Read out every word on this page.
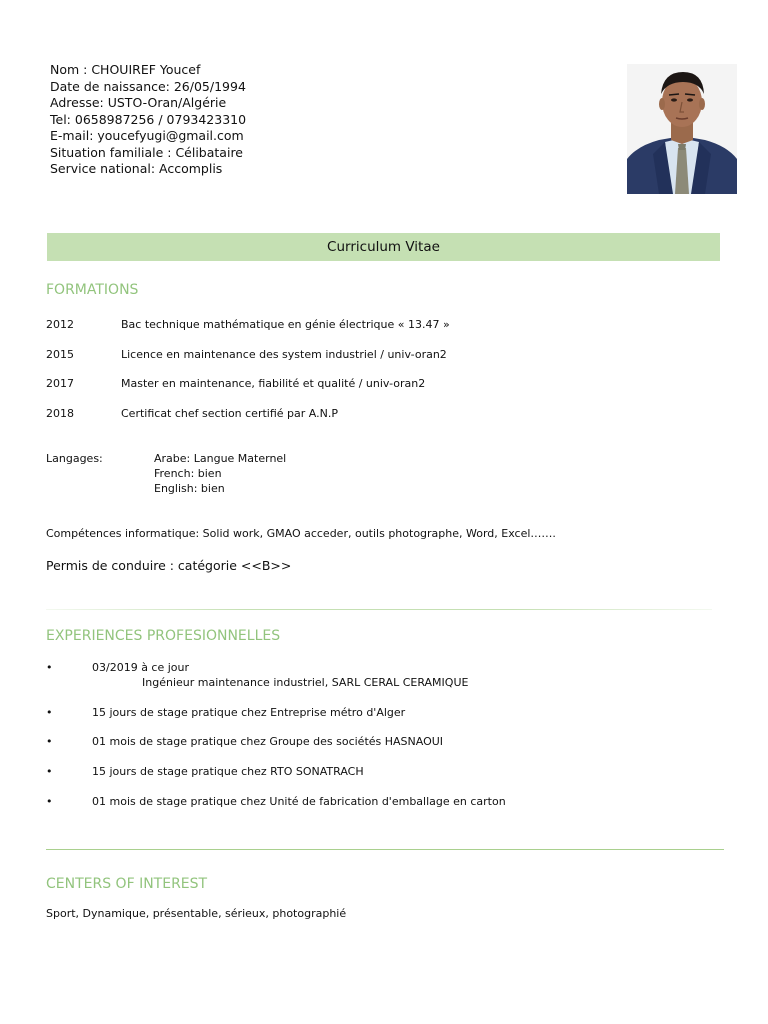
Nom : CHOUIREF Youcef
Date de naissance: 26/05/1994
Adresse: USTO-Oran/Algérie
Tel: 0658987256 / 0793423310
E-mail: youcefyugi@gmail.com
Situation familiale : Célibataire
Service national: Accomplis
Curriculum Vitae
FORMATIONS
2012	Bac technique mathématique en génie électrique « 13.47 »
2015	Licence en maintenance des system industriel / univ-oran2
2017	Master en maintenance, fiabilité et qualité / univ-oran2
2018	Certificat chef section certifié par A.N.P
Langages:	Arabe: Langue Maternel
French: bien
English: bien
Compétences informatique: Solid work, GMAO acceder, outils photographe, Word, Excel…….
Permis de conduire : catégorie <<B>>
EXPERIENCES PROFESIONNELLES
•	03/2019 à ce jour
Ingénieur maintenance industriel, SARL CERAL CERAMIQUE
•	15 jours de stage pratique chez Entreprise métro d'Alger
•	01 mois de stage pratique chez Groupe des sociétés HASNAOUI
•	15 jours de stage pratique chez RTO SONATRACH
•	01 mois de stage pratique chez Unité de fabrication d'emballage en carton
CENTERS OF INTEREST
Sport, Dynamique, présentable, sérieux, photographié
